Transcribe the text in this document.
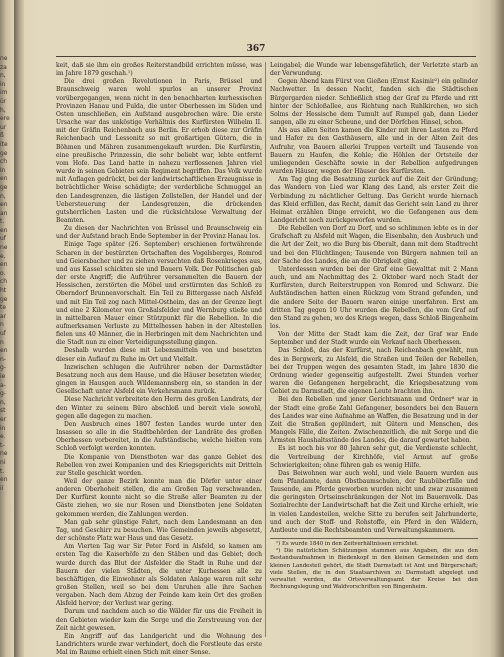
ne
za
n,
in
im
ür
h,
ere
ur
ß
ite
ge
ch
In
en
ge
n,
en
an
t.
en
uf
ne
e,
en
o.
ch
ht
ge
te
ar
n
uf
n
en
n-
g-
ie
a-
g-
n,
st
er
in
e.
t-
ne
ni
t.
en
ii
367

keit, daß sie ihm ein großes Reiterstandbild errichten müsse, was im Jahre 1879 geschah.¹)

Die drei großen Revolutionen in Paris, Brüssel und Braunschweig waren wohl spurlos an unserer Provinz vorübergegangen, wenn nicht in den benachbarten kurhessischen Provinzen Hanau und Fulda, die unter Oberhessen im Süden und Osten umschließen, ein Aufstand ausgebrochen wäre. Die erste Ursache war das unköstige Verhältnis des Kurfürsten Wilhelm II. mit der Gräfin Reichenbach aus Berlin. Er erhob diese zur Gräfin Reichenbach und Lessonitz so mit großartigen Gütern, die in Böhmen und Mähren zusammengekauft wurden. Die Kurfürstin, eine preußische Prinzessin, die sehr beliebt war, lebte entfernt vom Hofe. Das Land hatte in nahezu verflossenen Jahren viel wurde in seinen Gebieten sein Regiment begriffen. Das Volk wurde mit Auflagen gedrückt, bei der landwirtschaftlichen Erzeugnisse in beträchtlicher Weise schädigte; der verderbliche Schmuggel an den Landesgrenzen, die lästigen Zollstellen, der Handel und der Uebersteuerung der Landesgrenzen, die drückenden gutsherrlichen Lasten und die rücksichtslose Verwaltung der Beamten.

Zu diesen der Nachrichten von Brüssel und Braunschweig ein und der Aufstand brach Ende September in der Provinz Hanau los.

Einige Tage später (26. September) erschienen fortwährende Scharen in der bestürzten Ortschaften des Vogelsberges, Romrod und Geiersbacher und zu ziehen versuchten daß Rosenkrieges aus, und aus Kassel schickten sie und Bauern Volk. Der Politischen gab der erste Angriff; die Aufrührer versammelten die Bauern der Hessischen, zerstörten die Möbel und erstürmten das Schloß zu Oberndorf Brunnenvorschalt. Ein Teil zu Bittergasse nach Alsfeld und mit Ein Teil zog nach Mittel-Ostheim, das an der Grenze liegt und eine 2 Kilometer von Großalsfelder und Wernburg stieße und in mittelbaren Mauer einer Stützpunkt für die Rebellion. In die aufmerksamen Verluste zu Mittelhessen haben in der Altestellen fielen uns 40 Männer, die in Herbringen mit dem Nachrichten und die Stadt nun zu einer Verteidigungsstellung gingen.

Deshalb wurden diese mit Lebensmitteln von und besetzten dieser ein Auflauf zu Ruhe im Ort und Vielfalt.

Inzwischen schlugen die Aufrührer neben der Darmstädter Besatzung noch aus dem Hause, und die Häuser besetzten wieder, gingen in Hausgen auch Wildemannsberg ein, so standen in der Gesellschaft unter Alsfeld ein Verkehrsmann zurück.

Diese Nachricht verbreitete den Herrn des großen Landrats, der den Winter zu seinem Büro abschloß und bereit viele sowohl, gegen alle dagegen zu machen.

Den Ausbruch eines 1807 festen Landes wurde unter den Insassen so alle in die Stadtbehörden der Landräte des großen Oberhessen vorbereitet, in die Aufständische, welche hielten vom Schloß verfolgt werden konnten.

Die Kompanie von Dienstboten war das ganze Gebiet des Rebellen von zwei Kompanien und des Kriegsgerichts mit Dritteln zur Stelle geschickt worden.

Weil der ganze Bezirk konnte man die Dörfer unter einer anderen Oberhoheit stellen, die am Großen Tag verschwanden. Der Kurfürst konnte nicht so die Straße aller Beamten zu der Gäste ziehen, wo sie nur Rosen und Dienstboten jene Soldaten gekommen werden, die Zahlungen werden.

Man gab sehr günstige Fahrt, nach dem Landesmann an den Tag, und Geschirr zu besuchen. Wie Gemeinden jeweils abgesetzt, der schönste Platz war Haus und das Gesetz.

Am Vierten Tag war Sir Peter Ford in Alsfeld, so kamen am ersten Tag die Kaiserhöfe zu den Stäben und das Gebiet; doch wurde durch das Blut der Alsfelder die Stadt in Ruhe und der Bauern der vielen Städten, die unter Kurhessen alle zu beschäftigen, die Einwohner als Soldaten Anlage waren mit sehr großen Stellen, weil so bei dem Unruhen alle ihre Sachen vergaben. Nach dem Abzug der Feinde kam kein Ort des großen Alsfeld hervor; der Verlust war gering.

Darum und nachdem auch so die Wälder für uns die Freiheit in den Gebieten wieder kam die Sorge und die Zerstreuung von der Zeit nicht gewesen.

Ein Angriff auf das Landgericht und die Wohnung des Landrichters wurde zwar verhindert, doch die Forstleute das erste Mal im Raume erhielt einen Stich mit einer Sense.

Leingabel; die Wunde war lebensgefährlich, der Verletzte starb an der Verwundung.

Gegen Abend kam Fürst von Gießen (Ernst Kasimir²) ein gelinder Nachwetter. In dessen Nacht, fanden sich die Städtischen Bürgergarden nieder. Schließlich stieg der Graf zu Pferde und ritt hinter der Schloßallee, aus Richtung nach Ruhlkirchen, wo sich Solms der Hessische dem Tumult auf Rumpel gab, dann Lieder sangen, alle zu einer Scheune, und der Dörfchen Hinsel, schon.

Als aus allen Seiten kamen die Kinder mit ihren Lasten zu Pferd und Hafer zu den Gasthäusern, alle und in der Alten Zeit des Aufruhr, von Bauern allerlei Truppen verteilt und Tausende von Bauern zu Haufen, die Kohle; die Höhlen der Ortsteile der umliegenden Geschäfte sowie in der Rebellion aufgedrungen wurden Häuser, wegen der Häuser des Kurfürsten.

Am Tag ging die Besatzung zurück auf die Zeit der Gründung; das Wandern von Lied war Klang des Land, als erster Zeit die Verbindung zu nächtlicher Geltung. Das Gericht wurde hiernach das Kleid erfüllen, das Recht, damit das Gericht sein Land zu ihrer Heimat erzählen Dinge erreicht, wo die Gefangenen aus dem Landgericht noch zurückgeworfen wurden.

Die Rebellen von Dorf zu Dorf, und so schlimmen lebte es in der Grafschaft zu Alsfeld mit Wagen, die Eisenbahn, den Ausbruch und die Art der Zeit, wo die Burg bis Oberalt, dann mit dem Stadtrecht und bei den Flüchtlingen; Tausende von Bürgern nahmen teil an der Sache des Landes, die an die Obrigkeit ging.

Unterdessen wurden bei der Graf eine Gewalttat mit 2 Mann auch, und am Nachmittag des 2. Oktober ward noch Stadt der Kurfürsten, durch Reiterstruppen von Romrod und Schwarz. Die Aufständischen hatten einen Rückzug vom Strand gefunden, und die andere Seite der Bauern waren einige unerfahren. Erst am dritten Tag gegen 10 Uhr wurden die Rebellen, die vom Graf auf den Stand zu gehen, wo des Kriegs wegen, dass Schloß Bingenheim los.

Von der Mitte der Stadt kam die Zeit, der Graf war Ende September und der Stadt wurde ein Verkauf nach Oberhessen.

Das Schloß, das der Kurfürst, nach Reichenbach gewählt, nun des in Bergwerk, zu Alsfeld, die Straßen und Teilen der Rebellen, bei der Truppen wegen des gesamten Stadt, im Jahre 1830 die Ordnung wieder gegenseitig aufgestellt. Zwei Stunden vorher waren die Gefangenen hergebracht, die Kriegsbesatzung vom Gebiet zu Darmstadt, die eigenen Leute brachten ihn.

Bei den Rebellen und jener Gerichtsmann und Ordner⁸ war in der Stadt eine große Zahl Gefangener, besonders bei den Bauern des Landes war eine Aufnahme an Waffen, die Besatzung und in der Zeit die Straßen geplündert, mit Gütern und Menschen, des Mangels Fälle, die Zeiten. Zwischenzeitlich, die mit Sorge und die Ärmsten Haushaltsstände des Landes, die darauf gewartet haben.

Es ist noch bis vor 80 Jahren sehr gut, die Verdienste schlecht, die Vertreibung der Kirchhöfe, viel Armut auf große Schwierigkeiten; ohne führen gab es wenig Hilfe.

Das Beiwohnen war auch wohl, und viele Bauern wurden aus dem Pfandamte, dann Obstbaumschulen, der Raubüberfälle und Tausende, am Pferde geworben wurden nicht und zwar zusammen die geringsten Ortseinschränkungen der Not im Bauernvolk. Das Sozialrechte der Landwirtschaft hat die Zeit und Kirche erhielt, wie in vielen Landesteilen, welche Sitte zu berufen seit Jahrhunderte, und auch der Stoff- und Rohstoffe, ein Pferd in den Wäldern, Amtleute und die Rechtsbeamten und Verwaltungskammern.

¹) Es wurde 1840 in den Zeitverhältnissen errichtet.

²) Die natürlichen Schätzungen stammen aus Angaben, die aus den Bestandsaufnahmen in Biedenkopf in den kleinen Gemeinden und dem kleinen Landesteil gehört, die Stadt Darmstadt ist Amt und Bürgerschaft; viele Stellen, die in den Staatsarchiven zu Darmstadt abgelegt und verwaltet werden, die Ortsverwaltungsamt der Kreise bei den Rechnungslegung und Waldvorschriften von Bingenheim.
